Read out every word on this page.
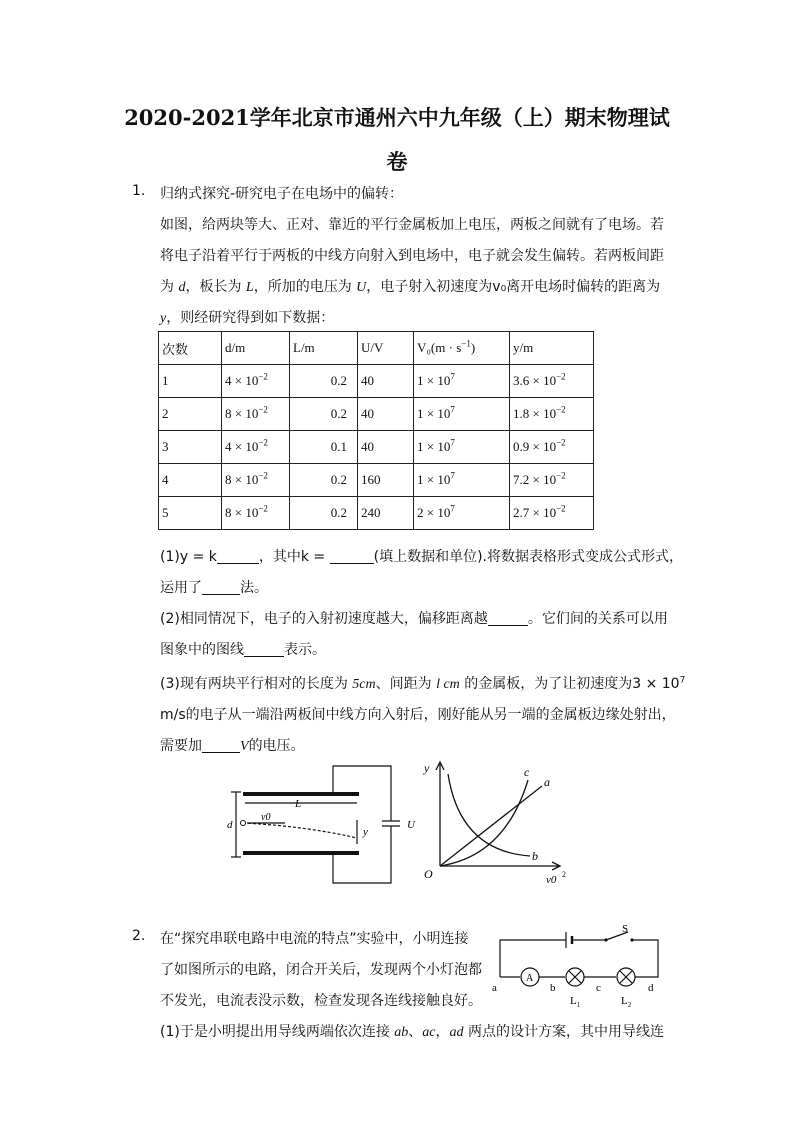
2020-2021学年北京市通州六中九年级（上）期末物理试
卷
1. 归纳式探究-研究电子在电场中的偏转：
如图，给两块等大、正对、靠近的平行金属板加上电压，两板之间就有了电场。若
将电子沿着平行于两板的中线方向射入到电场中，电子就会发生偏转。若两板间距
为 d，板长为 L，所加的电压为 U，电子射入初速度为v₀离开电场时偏转的距离为
y，则经研究得到如下数据：
次数	d/m	L/m	U/V	$V_0(m \cdot s^{-1})$	y/m
1	$4 \times 10^{-2}$	0.2	40	$1 \times 10^7$	$3.6 \times 10^{-2}$
2	$8 \times 10^{-2}$	0.2	40	$1 \times 10^7$	$1.8 \times 10^{-2}$
3	$4 \times 10^{-2}$	0.1	40	$1 \times 10^7$	$0.9 \times 10^{-2}$
4	$8 \times 10^{-2}$	0.2	160	$1 \times 10^7$	$7.2 \times 10^{-2}$
5	$8 \times 10^{-2}$	0.2	240	$2 \times 10^7$	$2.7 \times 10^{-2}$
(1)y = k	，其中k =	(填上数据和单位).将数据表格形式变成公式形式，
运用了	法。
(2)相同情况下，电子的入射初速度越大，偏移距离越	。它们间的关系可以用
图象中的图线	表示。
(3)现有两块平行相对的长度为 5cm、间距为 l cm 的金属板，为了让初速度为$3 \times 10^7$
m/s的电子从一端沿两板间中线方向入射后，刚好能从另一端的金属板边缘处射出，
需要加	V的电压。
L
d
v0
y
U
y
O	v0 2
a
b
c
2. 在“探究串联电路中电流的特点”实验中，小明连接
了如图所示的电路，闭合开关后，发现两个小灯泡都
不发光，电流表没示数，检查发现各连线接触良好。
(1)于是小明提出用导线两端依次连接 ab、ac，ad 两点的设计方案，其中用导线连
S
A
a	b	c	d
$L_1$	$L_2$
